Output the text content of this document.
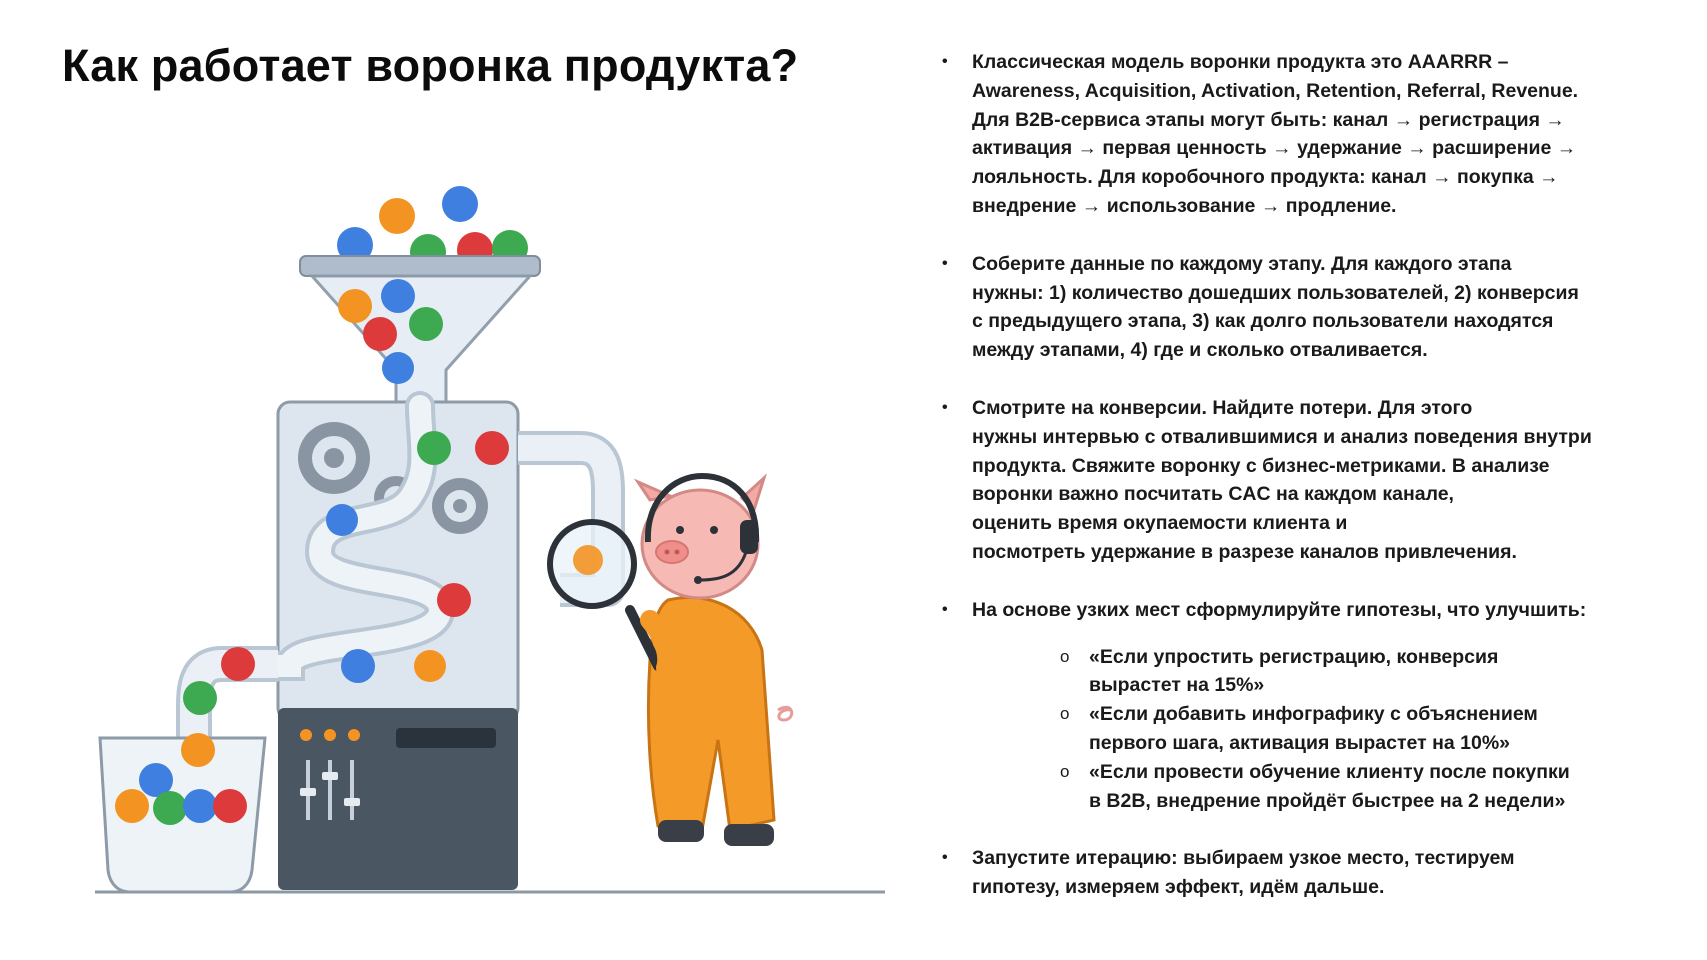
Как работает воронка продукта?	• Классическая модель воронки продукта это AAARRR –
Awareness, Acquisition, Activation, Retention, Referral, Revenue.
Для B2B-сервиса этапы могут быть: канал → регистрация →
активация → первая ценность → удержание → расширение →
лояльность. Для коробочного продукта: канал → покупка →
внедрение → использование → продление.
• Соберите данные по каждому этапу. Для каждого этапа
нужны: 1) количество дошедших пользователей, 2) конверсия
с предыдущего этапа, 3) как долго пользователи находятся
между этапами, 4) где и сколько отваливается.
• Смотрите на конверсии. Найдите потери. Для этого
нужны интервью с отвалившимися и анализ поведения внутри
продукта. Свяжите воронку с бизнес-метриками. В анализе
воронки важно посчитать CAC на каждом канале,
оценить время окупаемости клиента и
посмотреть удержание в разрезе каналов привлечения.
• На основе узких мест сформулируйте гипотезы, что улучшить:
o «Если упростить регистрацию, конверсия
вырастет на 15%»
o «Если добавить инфографику с объяснением
первого шага, активация вырастет на 10%»
o «Если провести обучение клиенту после покупки
в B2B, внедрение пройдёт быстрее на 2 недели»
• Запустите итерацию: выбираем узкое место, тестируем
гипотезу, измеряем эффект, идём дальше.
